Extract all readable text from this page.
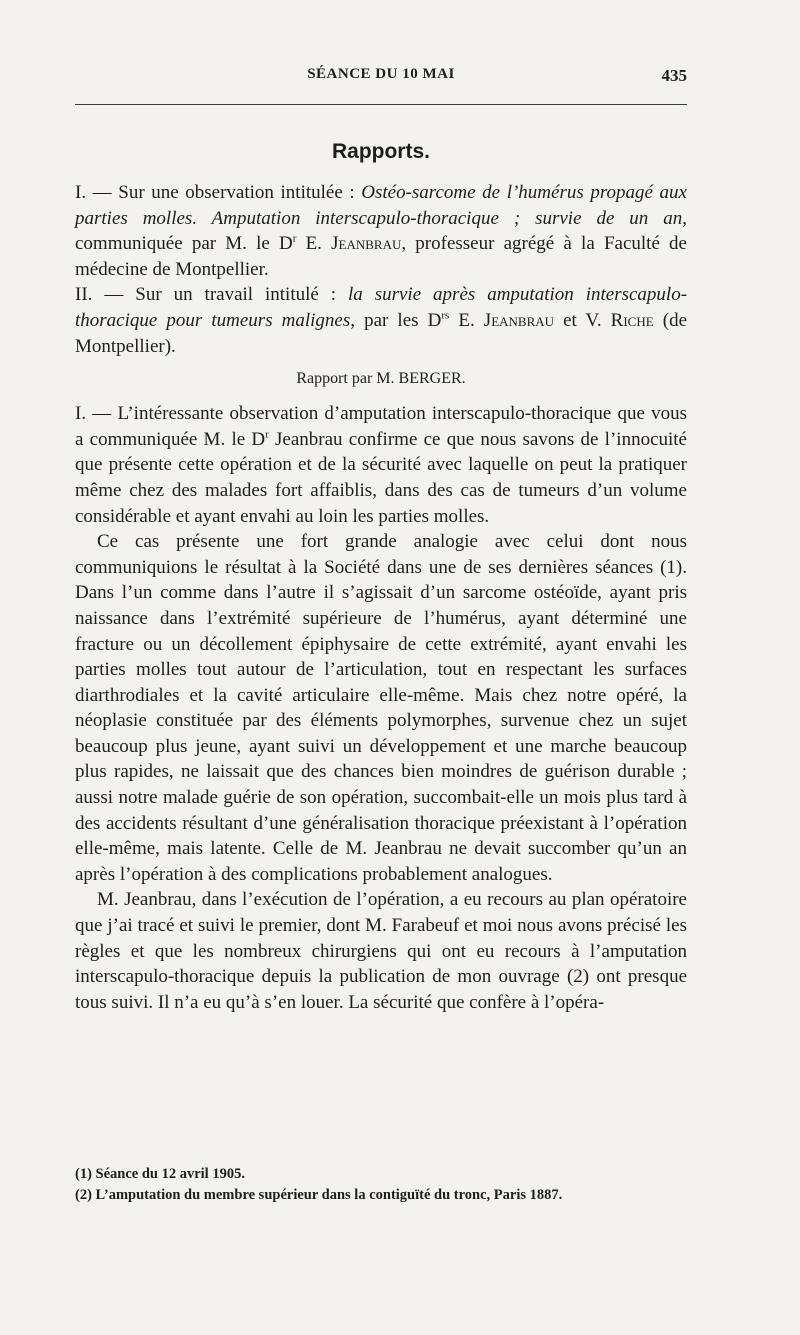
SÉANCE DU 10 MAI	435
Rapports.

I. — Sur une observation intitulée : Ostéo-sarcome de l’humérus propagé aux parties molles. Amputation interscapulo-thoracique ; survie de un an, communiquée par M. le $D^r$ E. Jeanbrau, professeur agrégé à la Faculté de médecine de Montpellier.

II. — Sur un travail intitulé : la survie après amputation interscapulo-thoracique pour tumeurs malignes, par les $D^{rs}$ E. Jeanbrau et V. Riche (de Montpellier).

Rapport par M. BERGER.

I. — L’intéressante observation d’amputation interscapulo-thoracique que vous a communiquée M. le $D^r$ Jeanbrau confirme ce que nous savons de l’innocuité que présente cette opération et de la sécurité avec laquelle on peut la pratiquer même chez des malades fort affaiblis, dans des cas de tumeurs d’un volume considérable et ayant envahi au loin les parties molles.

Ce cas présente une fort grande analogie avec celui dont nous communiquions le résultat à la Société dans une de ses dernières séances (1). Dans l’un comme dans l’autre il s’agissait d’un sarcome ostéoïde, ayant pris naissance dans l’extrémité supérieure de l’humérus, ayant déterminé une fracture ou un décollement épiphysaire de cette extrémité, ayant envahi les parties molles tout autour de l’articulation, tout en respectant les surfaces diarthrodiales et la cavité articulaire elle-même. Mais chez notre opéré, la néoplasie constituée par des éléments polymorphes, survenue chez un sujet beaucoup plus jeune, ayant suivi un développement et une marche beaucoup plus rapides, ne laissait que des chances bien moindres de guérison durable ; aussi notre malade guérie de son opération, succombait-elle un mois plus tard à des accidents résultant d’une généralisation thoracique préexistant à l’opération elle-même, mais latente. Celle de M. Jeanbrau ne devait succomber qu’un an après l’opération à des complications probablement analogues.

M. Jeanbrau, dans l’exécution de l’opération, a eu recours au plan opératoire que j’ai tracé et suivi le premier, dont M. Farabeuf et moi nous avons précisé les règles et que les nombreux chirurgiens qui ont eu recours à l’amputation interscapulo-thoracique depuis la publication de mon ouvrage (2) ont presque tous suivi. Il n’a eu qu’à s’en louer. La sécurité que confère à l’opéra-

(1) Séance du 12 avril 1905.

(2) L’amputation du membre supérieur dans la contiguïté du tronc, Paris 1887.
